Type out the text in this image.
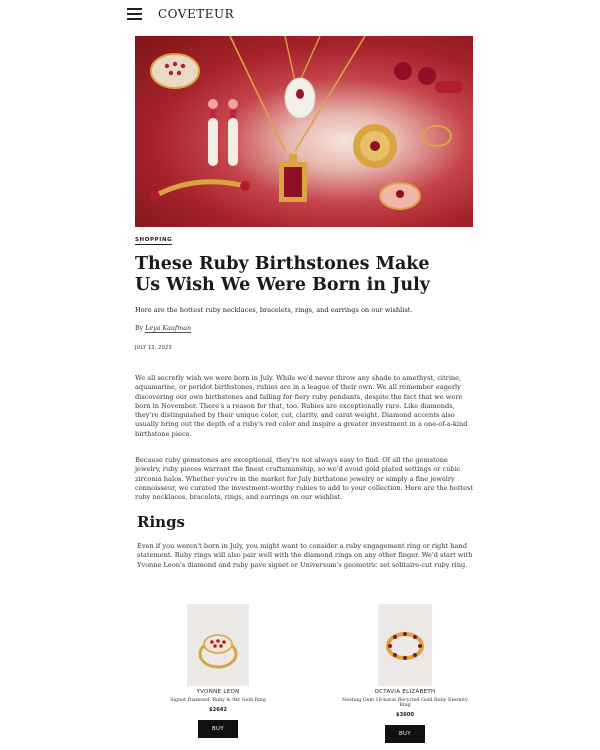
COVETEUR
SHOPPING
These Ruby Birthstones Make Us Wish We Were Born in July
Here are the hottest ruby necklaces, bracelets, rings, and earrings on our wishlist.
By Leya Kaufman
JULY 13, 2023

We all secretly wish we were born in July. While we'd never throw any shade to amethyst, citrine, aquamarine, or peridot birthstones, rubies are in a league of their own. We all remember eagerly discovering our own birthstones and falling for fiery ruby pendants, despite the fact that we were born in November. There's a reason for that, too. Rubies are exceptionally rare. Like diamonds, they're distinguished by their unique color, cut, clarity, and carat weight. Diamond accents also usually bring out the depth of a ruby's red color and inspire a greater investment in a one-of-a-kind birthstone piece.

Because ruby gemstones are exceptional, they're not always easy to find. Of all the gemstone jewelry, ruby pieces warrant the finest craftsmanship, so we'd avoid gold plated settings or cubic zirconia halos. Whether you're in the market for July birthstone jewelry or simply a fine jewelry connoisseur, we curated the investment-worthy rubies to add to your collection. Here are the hottest ruby necklaces, bracelets, rings, and earrings on our wishlist.

Rings

Even if you weren't born in July, you might want to consider a ruby engagement ring or right hand statement. Ruby rings will also pair well with the diamond rings on any other finger. We'd start with Yvonne Leon's diamond and ruby pave signet or Universum's geometric set solitaire-cut ruby ring.

YVONNE LEON
Signet Diamond, Ruby & 9kt Gold Ring
$2642
BUY
OCTAVIA ELIZABETH
Nesting Gem 18-karat Recycled Gold Ruby Eternity Ring
$3600
BUY
